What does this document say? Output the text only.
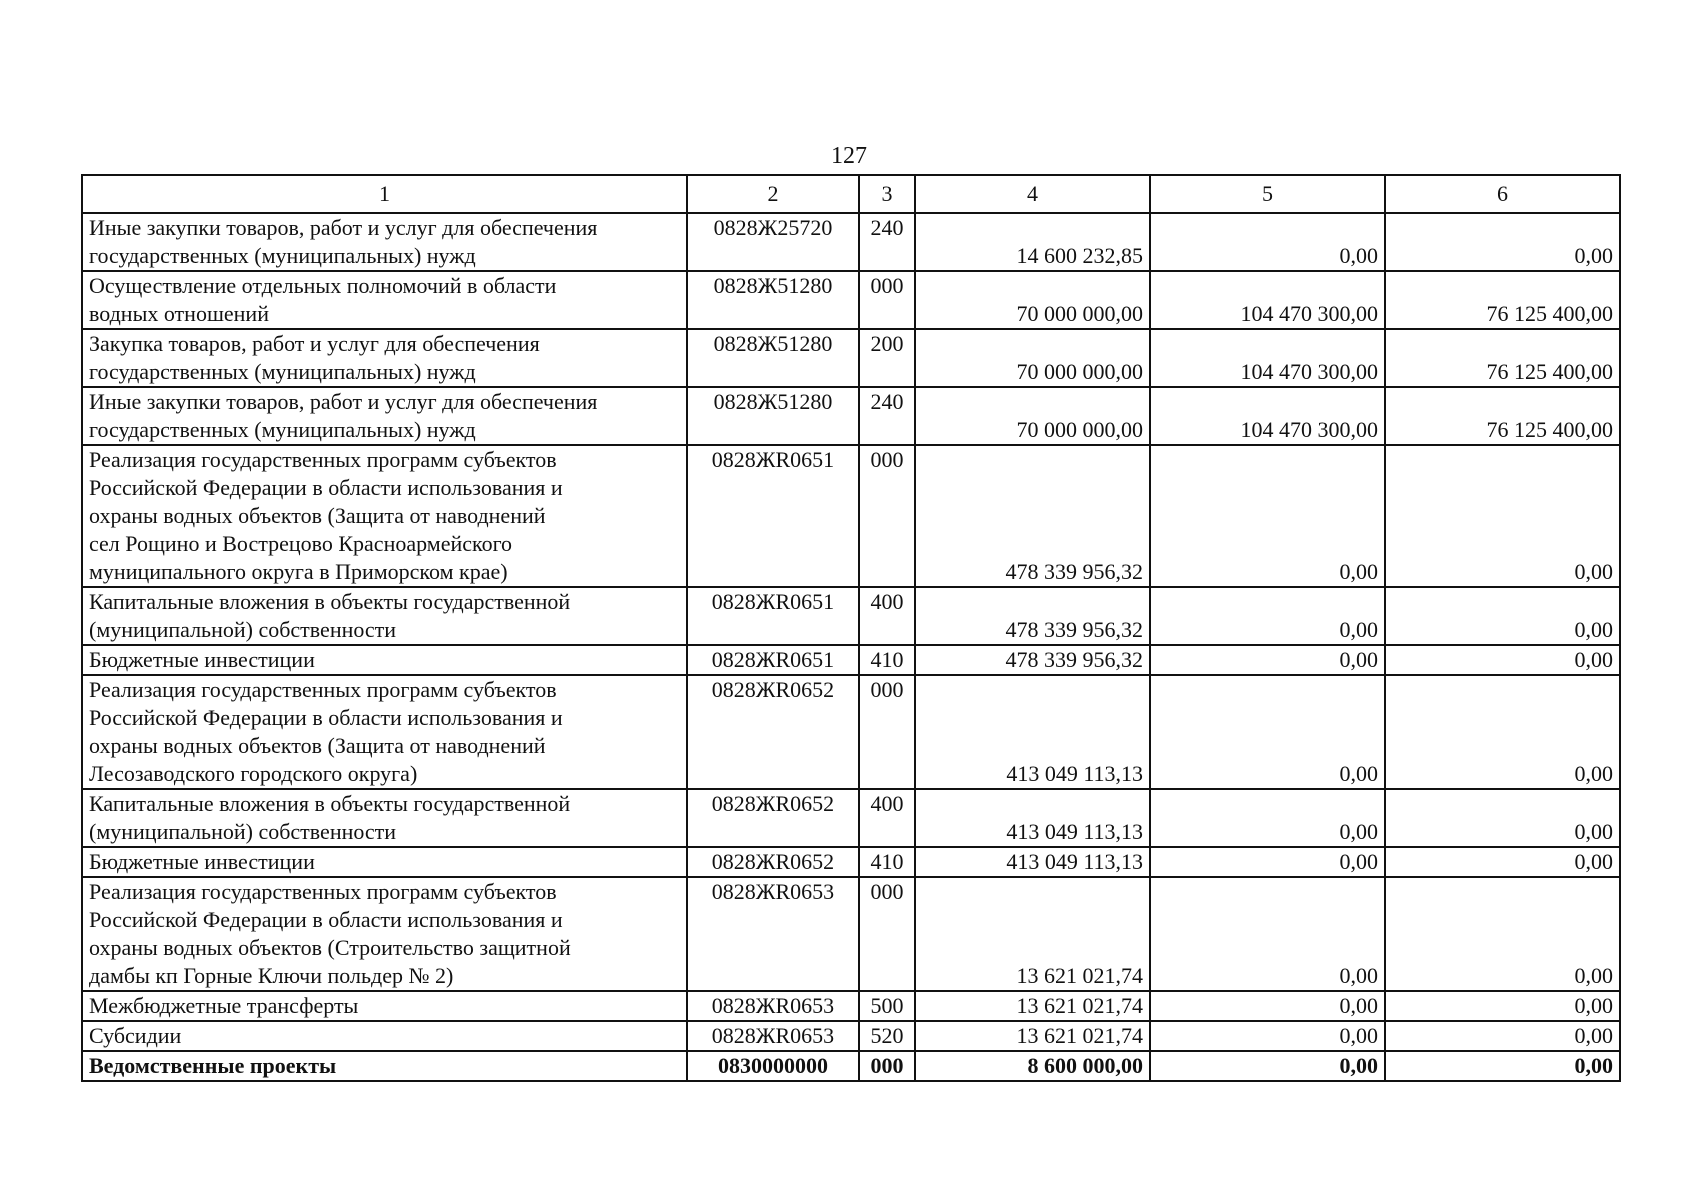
127
1	2	3	4	5	6
Иные закупки товаров, работ и услуг для обеспечения
государственных (муниципальных) нужд	0828Ж25720	240	14 600 232,85	0,00	0,00
Осуществление отдельных полномочий в области
водных отношений	0828Ж51280	000	70 000 000,00	104 470 300,00	76 125 400,00
Закупка товаров, работ и услуг для обеспечения
государственных (муниципальных) нужд	0828Ж51280	200	70 000 000,00	104 470 300,00	76 125 400,00
Иные закупки товаров, работ и услуг для обеспечения
государственных (муниципальных) нужд	0828Ж51280	240	70 000 000,00	104 470 300,00	76 125 400,00
Реализация государственных программ субъектов
Российской Федерации в области использования и
охраны водных объектов (Защита от наводнений
сел Рощино и Вострецово Красноармейского
муниципального округа в Приморском крае)	0828ЖR0651	000	478 339 956,32	0,00	0,00
Капитальные вложения в объекты государственной
(муниципальной) собственности	0828ЖR0651	400	478 339 956,32	0,00	0,00
Бюджетные инвестиции	0828ЖR0651	410	478 339 956,32	0,00	0,00
Реализация государственных программ субъектов
Российской Федерации в области использования и
охраны водных объектов (Защита от наводнений
Лесозаводского городского округа)	0828ЖR0652	000	413 049 113,13	0,00	0,00
Капитальные вложения в объекты государственной
(муниципальной) собственности	0828ЖR0652	400	413 049 113,13	0,00	0,00
Бюджетные инвестиции	0828ЖR0652	410	413 049 113,13	0,00	0,00
Реализация государственных программ субъектов
Российской Федерации в области использования и
охраны водных объектов (Строительство защитной
дамбы кп Горные Ключи польдер № 2)	0828ЖR0653	000	13 621 021,74	0,00	0,00
Межбюджетные трансферты	0828ЖR0653	500	13 621 021,74	0,00	0,00
Субсидии	0828ЖR0653	520	13 621 021,74	0,00	0,00
Ведомственные проекты	0830000000	000	8 600 000,00	0,00	0,00
